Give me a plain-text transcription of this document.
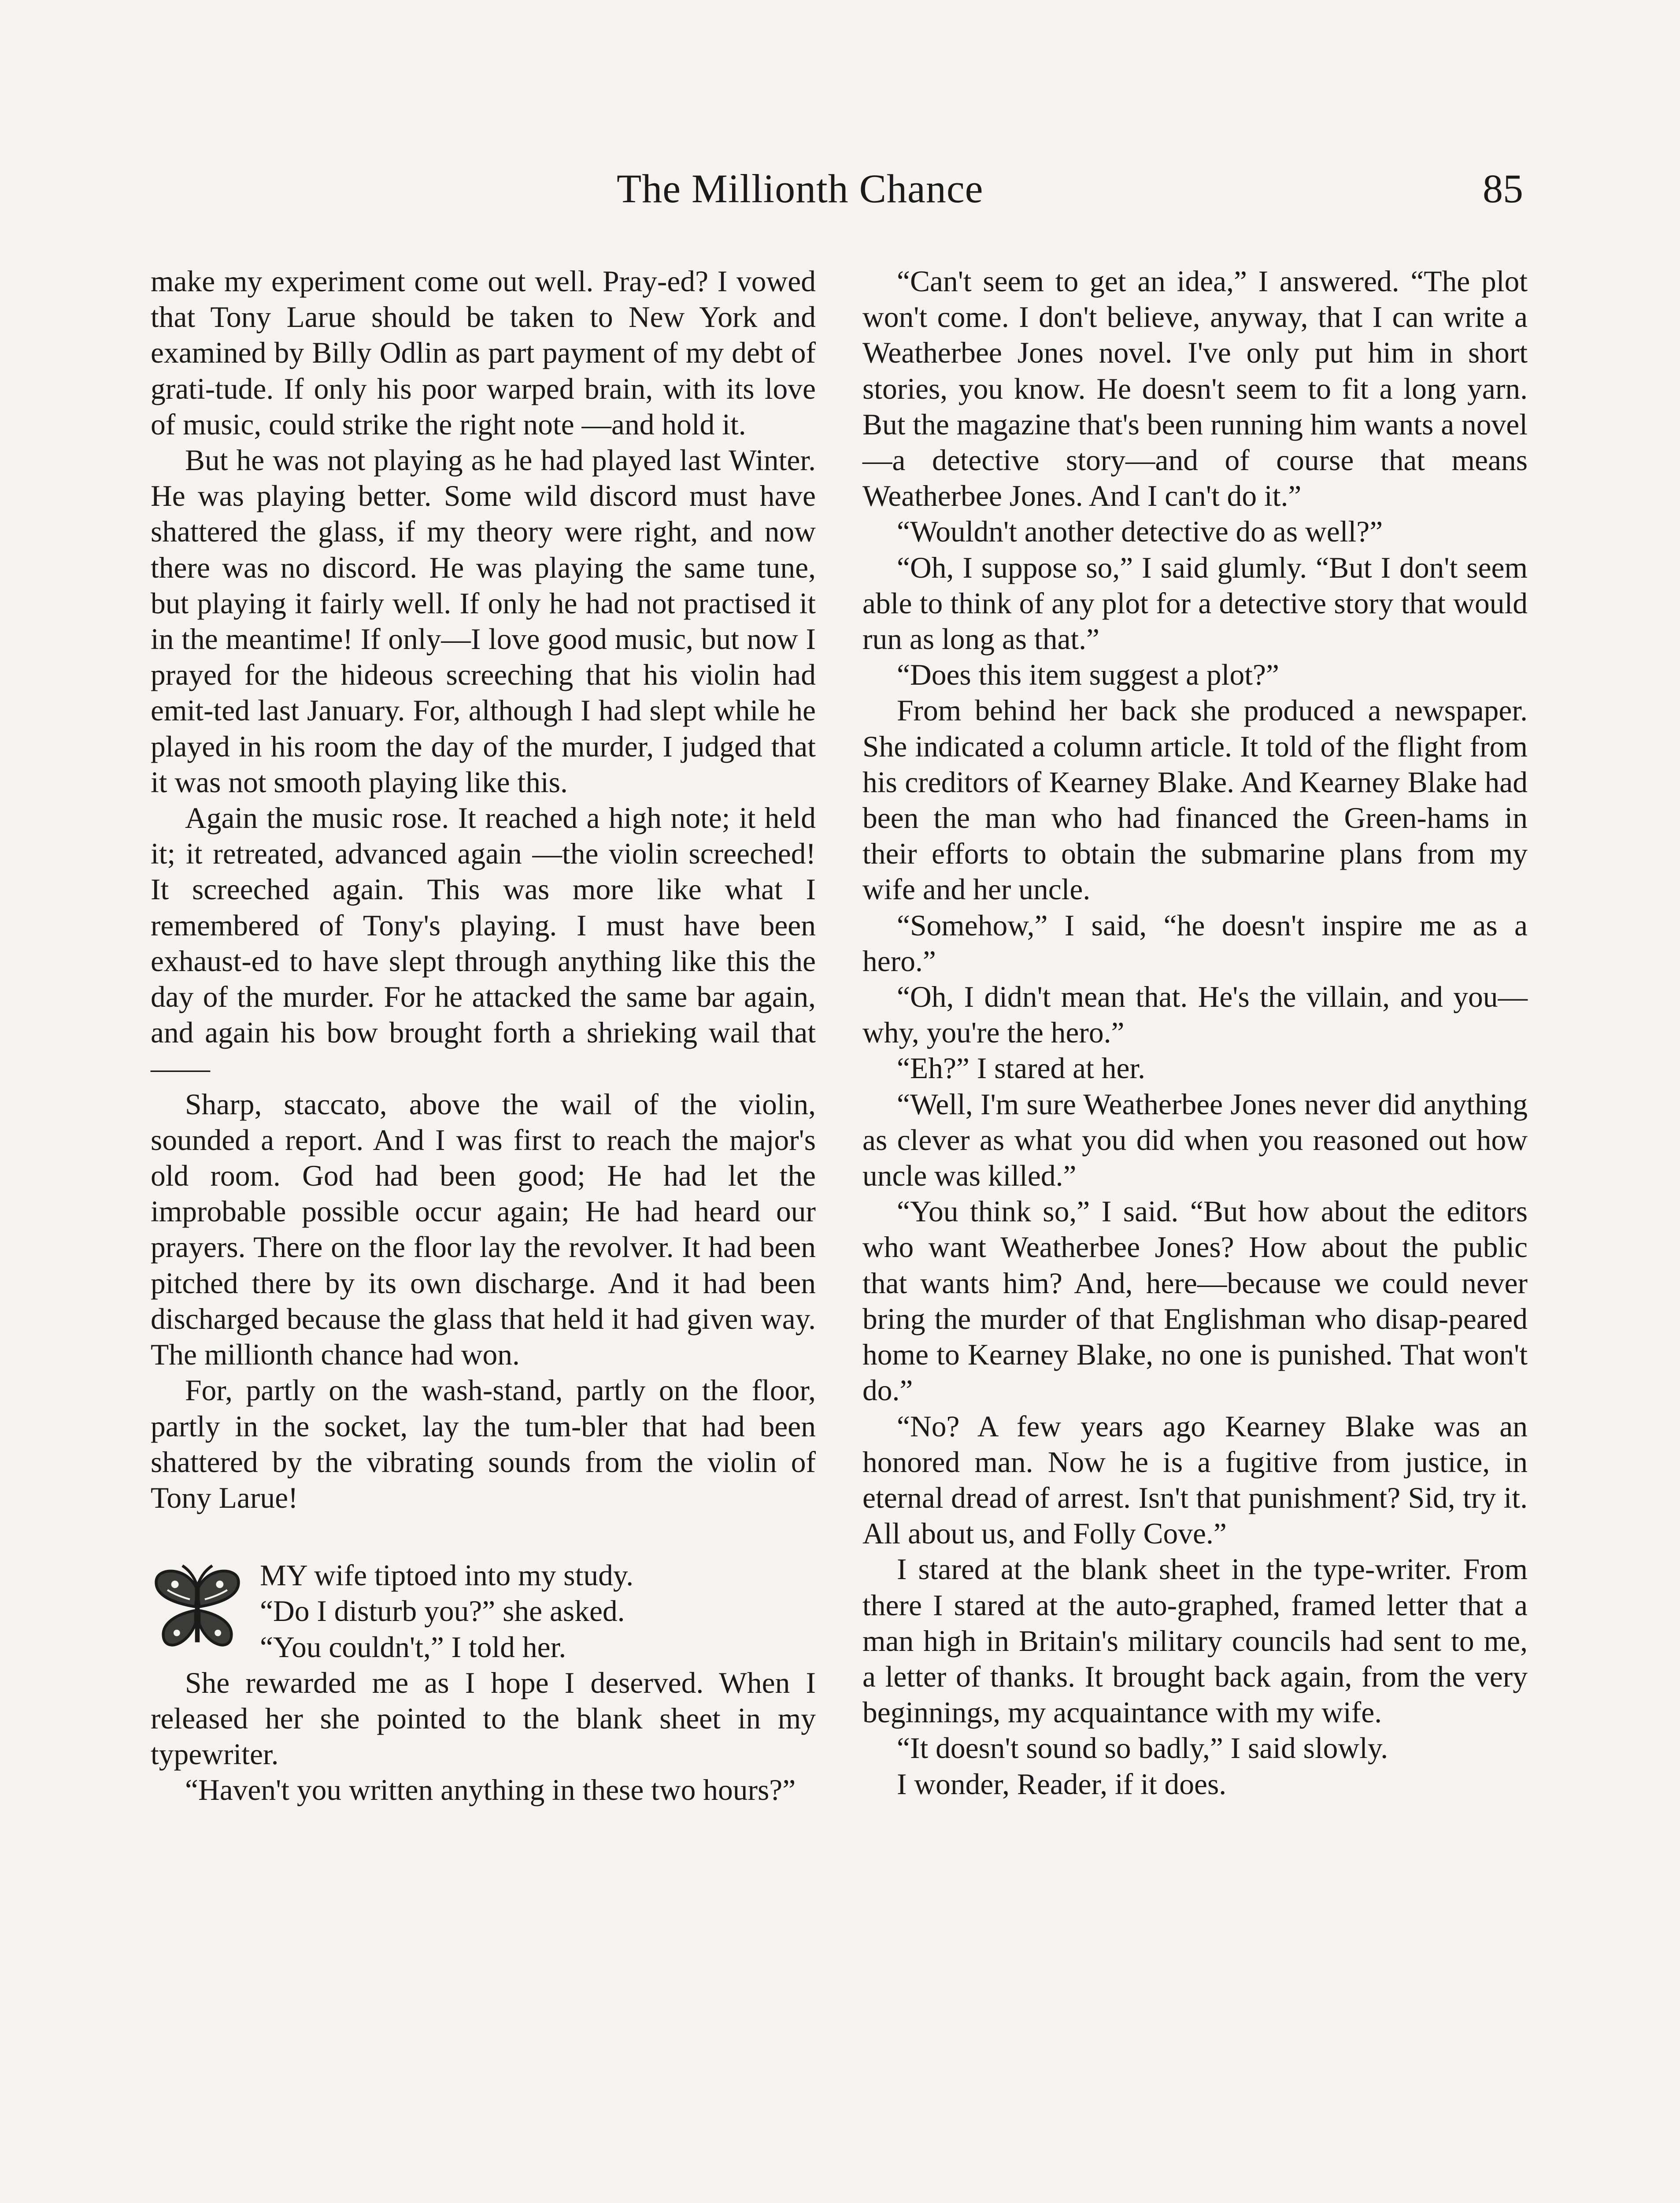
The Millionth Chance	85

make my experiment come out well. Pray-ed? I vowed that Tony Larue should be taken to New York and examined by Billy Odlin as part payment of my debt of grati-tude. If only his poor warped brain, with its love of music, could strike the right note —and hold it.

But he was not playing as he had played last Winter. He was playing better. Some wild discord must have shattered the glass, if my theory were right, and now there was no discord. He was playing the same tune, but playing it fairly well. If only he had not practised it in the meantime! If only—I love good music, but now I prayed for the hideous screeching that his violin had emit-ted last January. For, although I had slept while he played in his room the day of the murder, I judged that it was not smooth playing like this.

Again the music rose. It reached a high note; it held it; it retreated, advanced again —the violin screeched! It screeched again. This was more like what I remembered of Tony's playing. I must have been exhaust-ed to have slept through anything like this the day of the murder. For he attacked the same bar again, and again his bow brought forth a shrieking wail that——

Sharp, staccato, above the wail of the violin, sounded a report. And I was first to reach the major's old room. God had been good; He had let the improbable possible occur again; He had heard our prayers. There on the floor lay the revolver. It had been pitched there by its own discharge. And it had been discharged because the glass that held it had given way. The millionth chance had won.

For, partly on the wash-stand, partly on the floor, partly in the socket, lay the tum-bler that had been shattered by the vibrating sounds from the violin of Tony Larue!

MY wife tiptoed into my study.

“Do I disturb you?” she asked.

“You couldn't,” I told her.

She rewarded me as I hope I deserved. When I released her she pointed to the blank sheet in my typewriter.

“Haven't you written anything in these two hours?”

“Can't seem to get an idea,” I answered. “The plot won't come. I don't believe, anyway, that I can write a Weatherbee Jones novel. I've only put him in short stories, you know. He doesn't seem to fit a long yarn. But the magazine that's been running him wants a novel—a detective story—and of course that means Weatherbee Jones. And I can't do it.”

“Wouldn't another detective do as well?”

“Oh, I suppose so,” I said glumly. “But I don't seem able to think of any plot for a detective story that would run as long as that.”

“Does this item suggest a plot?”

From behind her back she produced a newspaper. She indicated a column article. It told of the flight from his creditors of Kearney Blake. And Kearney Blake had been the man who had financed the Green-hams in their efforts to obtain the submarine plans from my wife and her uncle.

“Somehow,” I said, “he doesn't inspire me as a hero.”

“Oh, I didn't mean that. He's the villain, and you—why, you're the hero.”

“Eh?” I stared at her.

“Well, I'm sure Weatherbee Jones never did anything as clever as what you did when you reasoned out how uncle was killed.”

“You think so,” I said. “But how about the editors who want Weatherbee Jones? How about the public that wants him? And, here—because we could never bring the murder of that Englishman who disap-peared home to Kearney Blake, no one is punished. That won't do.”

“No? A few years ago Kearney Blake was an honored man. Now he is a fugitive from justice, in eternal dread of arrest. Isn't that punishment? Sid, try it. All about us, and Folly Cove.”

I stared at the blank sheet in the type-writer. From there I stared at the auto-graphed, framed letter that a man high in Britain's military councils had sent to me, a letter of thanks. It brought back again, from the very beginnings, my acquaintance with my wife.

“It doesn't sound so badly,” I said slowly.

I wonder, Reader, if it does.
